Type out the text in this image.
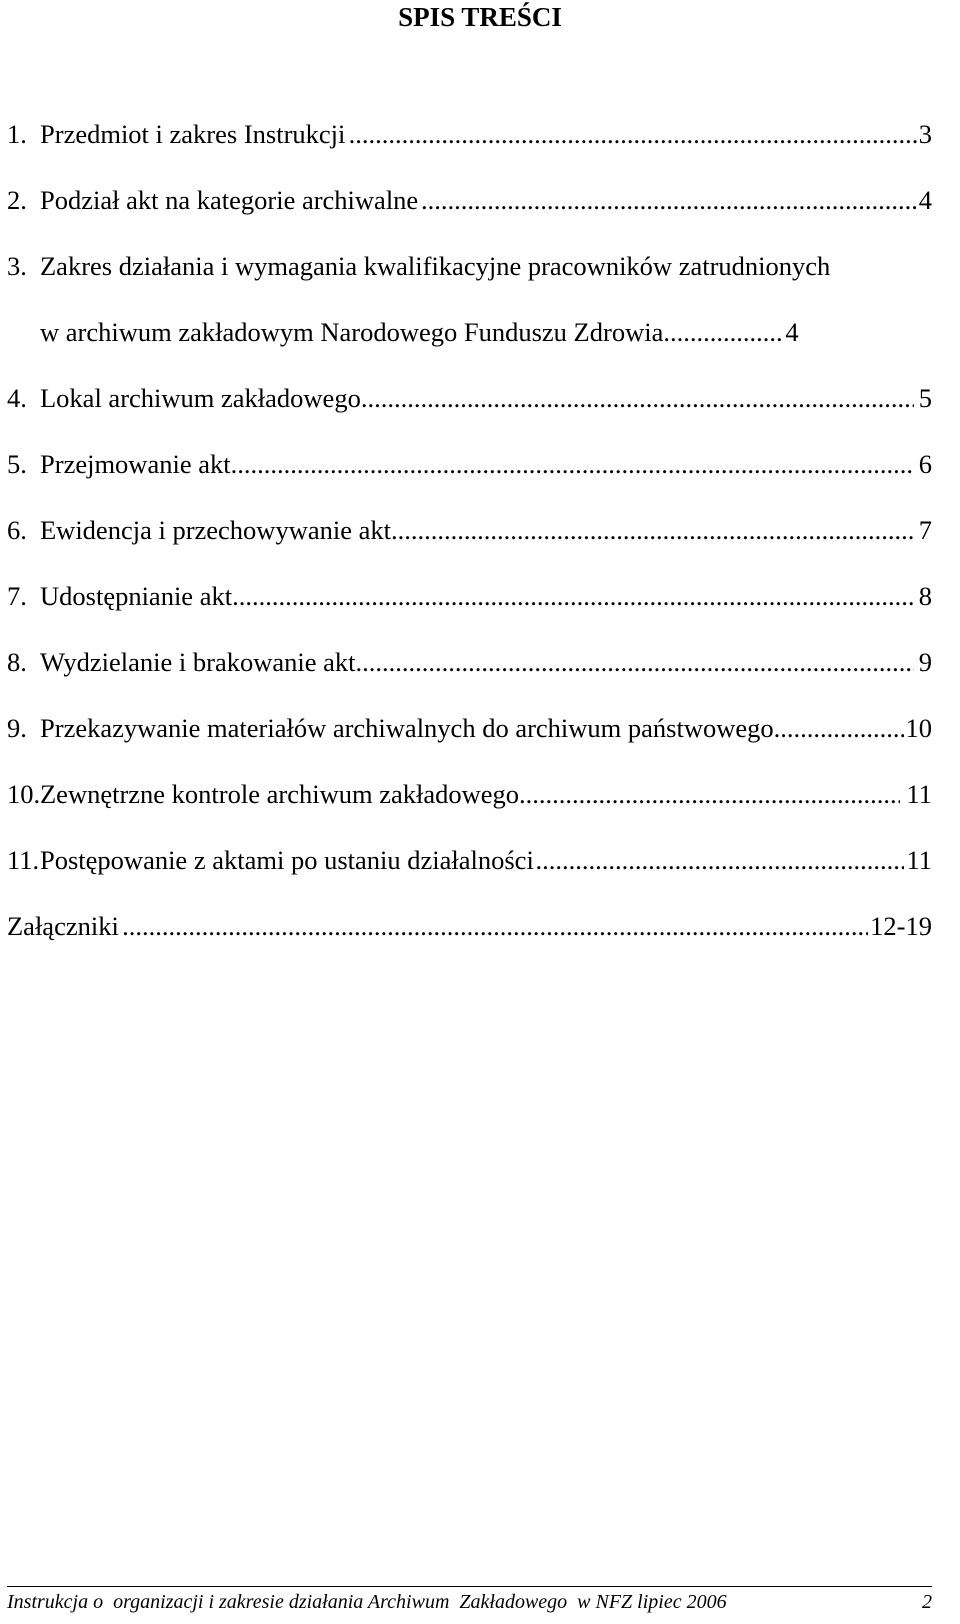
SPIS TREŚCI
1. Przedmiot i zakres Instrukcji .....	3
2. Podział akt na kategorie archiwalne .....	4
3. Zakres działania i wymagania kwalifikacyjne pracowników zatrudnionych
w archiwum zakładowym Narodowego Funduszu Zdrowia .....	4
4. Lokal archiwum zakładowego .....	5
5. Przejmowanie akt .....	6
6. Ewidencja i przechowywanie akt .....	7
7. Udostępnianie akt .....	8
8. Wydzielanie i brakowanie akt .....	9
9. Przekazywanie materiałów archiwalnych do archiwum państwowego .....	10
10. Zewnętrzne kontrole archiwum zakładowego .....	11
11. Postępowanie z aktami po ustaniu działalności .....	11
Załączniki .....	12-19
Instrukcja o  organizacji i zakresie działania Archiwum  Zakładowego  w NFZ lipiec 2006	2
